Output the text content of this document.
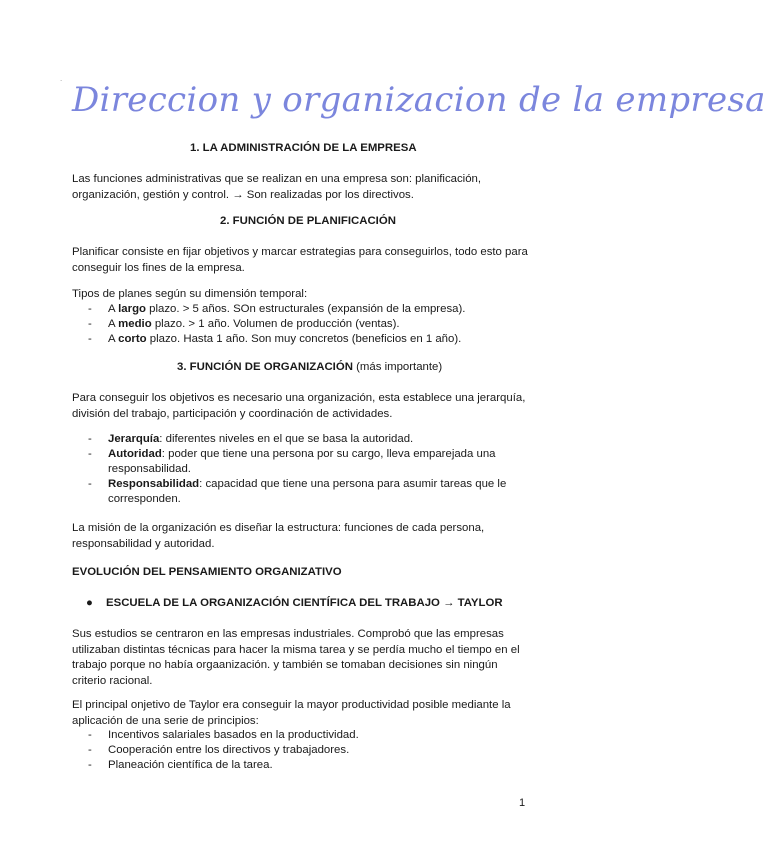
.
Direccion y organizacion de la empresa
1. LA ADMINISTRACIÓN DE LA EMPRESA
Las funciones administrativas que se realizan en una empresa son: planificación, organización, gestión y control. → Son realizadas por los directivos.
2. FUNCIÓN DE PLANIFICACIÓN
Planificar consiste en fijar objetivos y marcar estrategias para conseguirlos, todo esto para conseguir los fines de la empresa.
Tipos de planes según su dimensión temporal:
- A largo plazo. > 5 años. SOn estructurales (expansión de la empresa).
- A medio plazo. > 1 año. Volumen de producción (ventas).
- A corto plazo. Hasta 1 año. Son muy concretos (beneficios en 1 año).
3. FUNCIÓN DE ORGANIZACIÓN (más importante)
Para conseguir los objetivos es necesario una organización, esta establece una jerarquía, división del trabajo, participación y coordinación de actividades.
- Jerarquía: diferentes niveles en el que se basa la autoridad.
- Autoridad: poder que tiene una persona por su cargo, lleva emparejada una
responsabilidad.
- Responsabilidad: capacidad que tiene una persona para asumir tareas que le
corresponden.
La misión de la organización es diseñar la estructura: funciones de cada persona, responsabilidad y autoridad.
EVOLUCIÓN DEL PENSAMIENTO ORGANIZATIVO
● ESCUELA DE LA ORGANIZACIÓN CIENTÍFICA DEL TRABAJO → TAYLOR
Sus estudios se centraron en las empresas industriales. Comprobó que las empresas utilizaban distintas técnicas para hacer la misma tarea y se perdía mucho el tiempo en el trabajo porque no había orgaanización. y también se tomaban decisiones sin ningún criterio racional.
El principal onjetivo de Taylor era conseguir la mayor productividad posible mediante la aplicación de una serie de principios:
- Incentivos salariales basados en la productividad.
- Cooperación entre los directivos y trabajadores.
- Planeación científica de la tarea.
1
